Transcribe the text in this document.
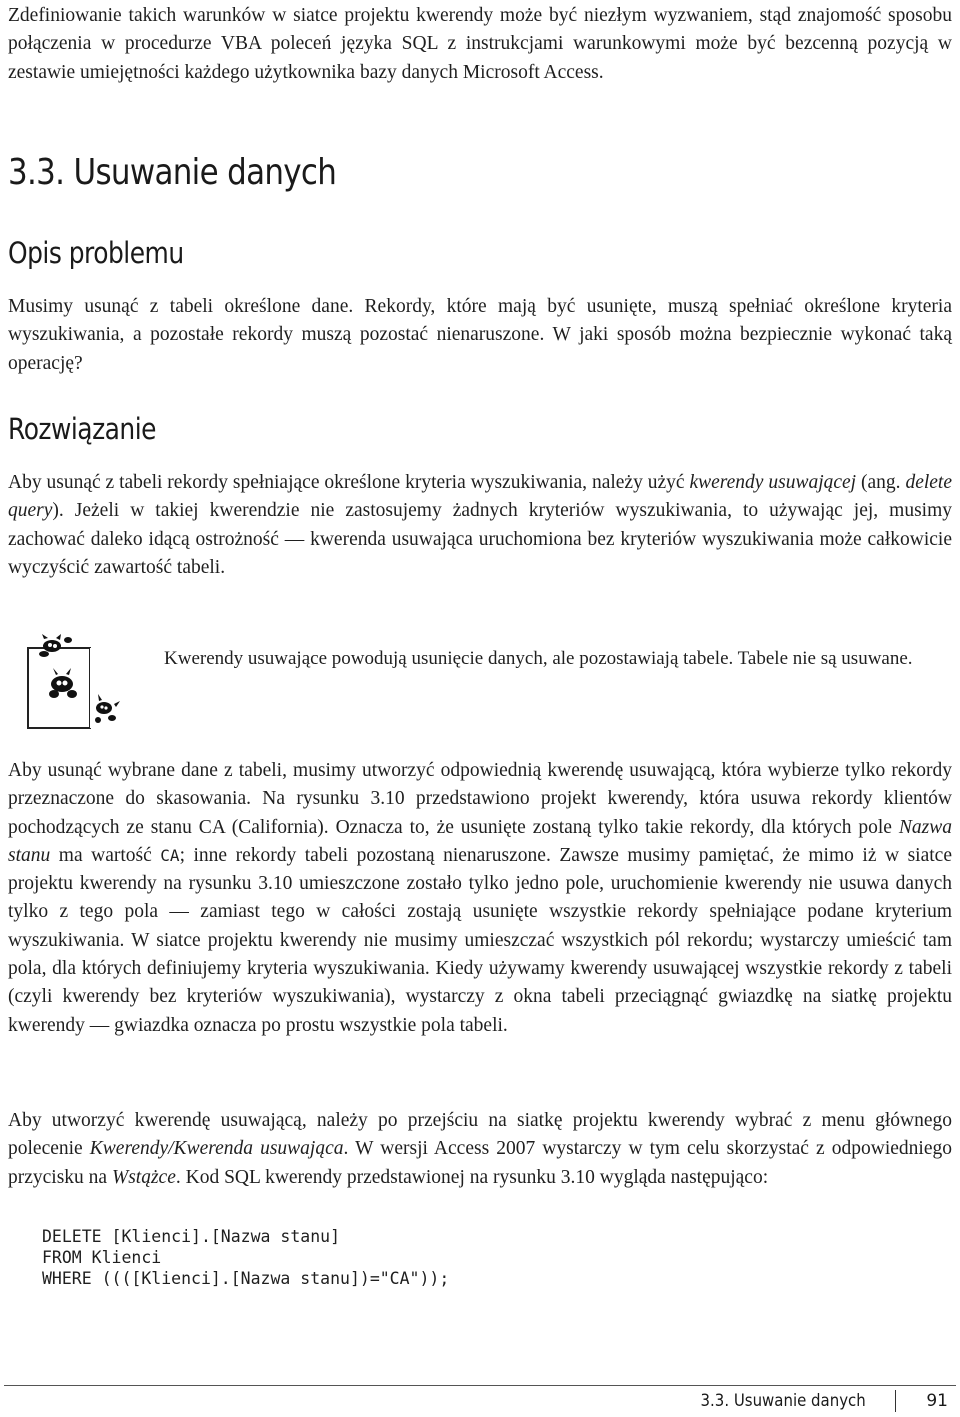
Zdefiniowanie takich warunków w siatce projektu kwerendy może być niezłym wyzwaniem, stąd znajomość sposobu połączenia w procedurze VBA poleceń języka SQL z instrukcjami warunkowymi może być bezcenną pozycją w zestawie umiejętności każdego użytkownika bazy danych Microsoft Access.

3.3. Usuwanie danych
Opis problemu

Musimy usunąć z tabeli określone dane. Rekordy, które mają być usunięte, muszą spełniać określone kryteria wyszukiwania, a pozostałe rekordy muszą pozostać nienaruszone. W jaki sposób można bezpiecznie wykonać taką operację?

Rozwiązanie

Aby usunąć z tabeli rekordy spełniające określone kryteria wyszukiwania, należy użyć kwerendy usuwającej (ang. delete query). Jeżeli w takiej kwerendzie nie zastosujemy żadnych kryteriów wyszukiwania, to używając jej, musimy zachować daleko idącą ostrożność — kwerenda usuwająca uruchomiona bez kryteriów wyszukiwania może całkowicie wyczyścić zawartość tabeli.

Kwerendy usuwające powodują usunięcie danych, ale pozostawiają tabele. Tabele nie są usuwane.

Aby usunąć wybrane dane z tabeli, musimy utworzyć odpowiednią kwerendę usuwającą, która wybierze tylko rekordy przeznaczone do skasowania. Na rysunku 3.10 przedstawiono projekt kwerendy, która usuwa rekordy klientów pochodzących ze stanu CA (California). Oznacza to, że usunięte zostaną tylko takie rekordy, dla których pole Nazwa stanu ma wartość CA; inne rekordy tabeli pozostaną nienaruszone. Zawsze musimy pamiętać, że mimo iż w siatce projektu kwerendy na rysunku 3.10 umieszczone zostało tylko jedno pole, uruchomienie kwerendy nie usuwa danych tylko z tego pola — zamiast tego w całości zostają usunięte wszystkie rekordy spełniające podane kryterium wyszukiwania. W siatce projektu kwerendy nie musimy umieszczać wszystkich pól rekordu; wystarczy umieścić tam pola, dla których definiujemy kryteria wyszukiwania. Kiedy używamy kwerendy usuwającej wszystkie rekordy z tabeli (czyli kwerendy bez kryteriów wyszukiwania), wystarczy z okna tabeli przeciągnąć gwiazdkę na siatkę projektu kwerendy — gwiazdka oznacza po prostu wszystkie pola tabeli.

Aby utworzyć kwerendę usuwającą, należy po przejściu na siatkę projektu kwerendy wybrać z menu głównego polecenie Kwerendy/Kwerenda usuwająca. W wersji Access 2007 wystarczy w tym celu skorzystać z odpowiedniego przycisku na Wstążce. Kod SQL kwerendy przedstawionej na rysunku 3.10 wygląda następująco:

DELETE [Klienci].[Nazwa stanu]
FROM Klienci
WHERE ((([Klienci].[Nazwa stanu])="CA"));
3.3. Usuwanie danych	91
